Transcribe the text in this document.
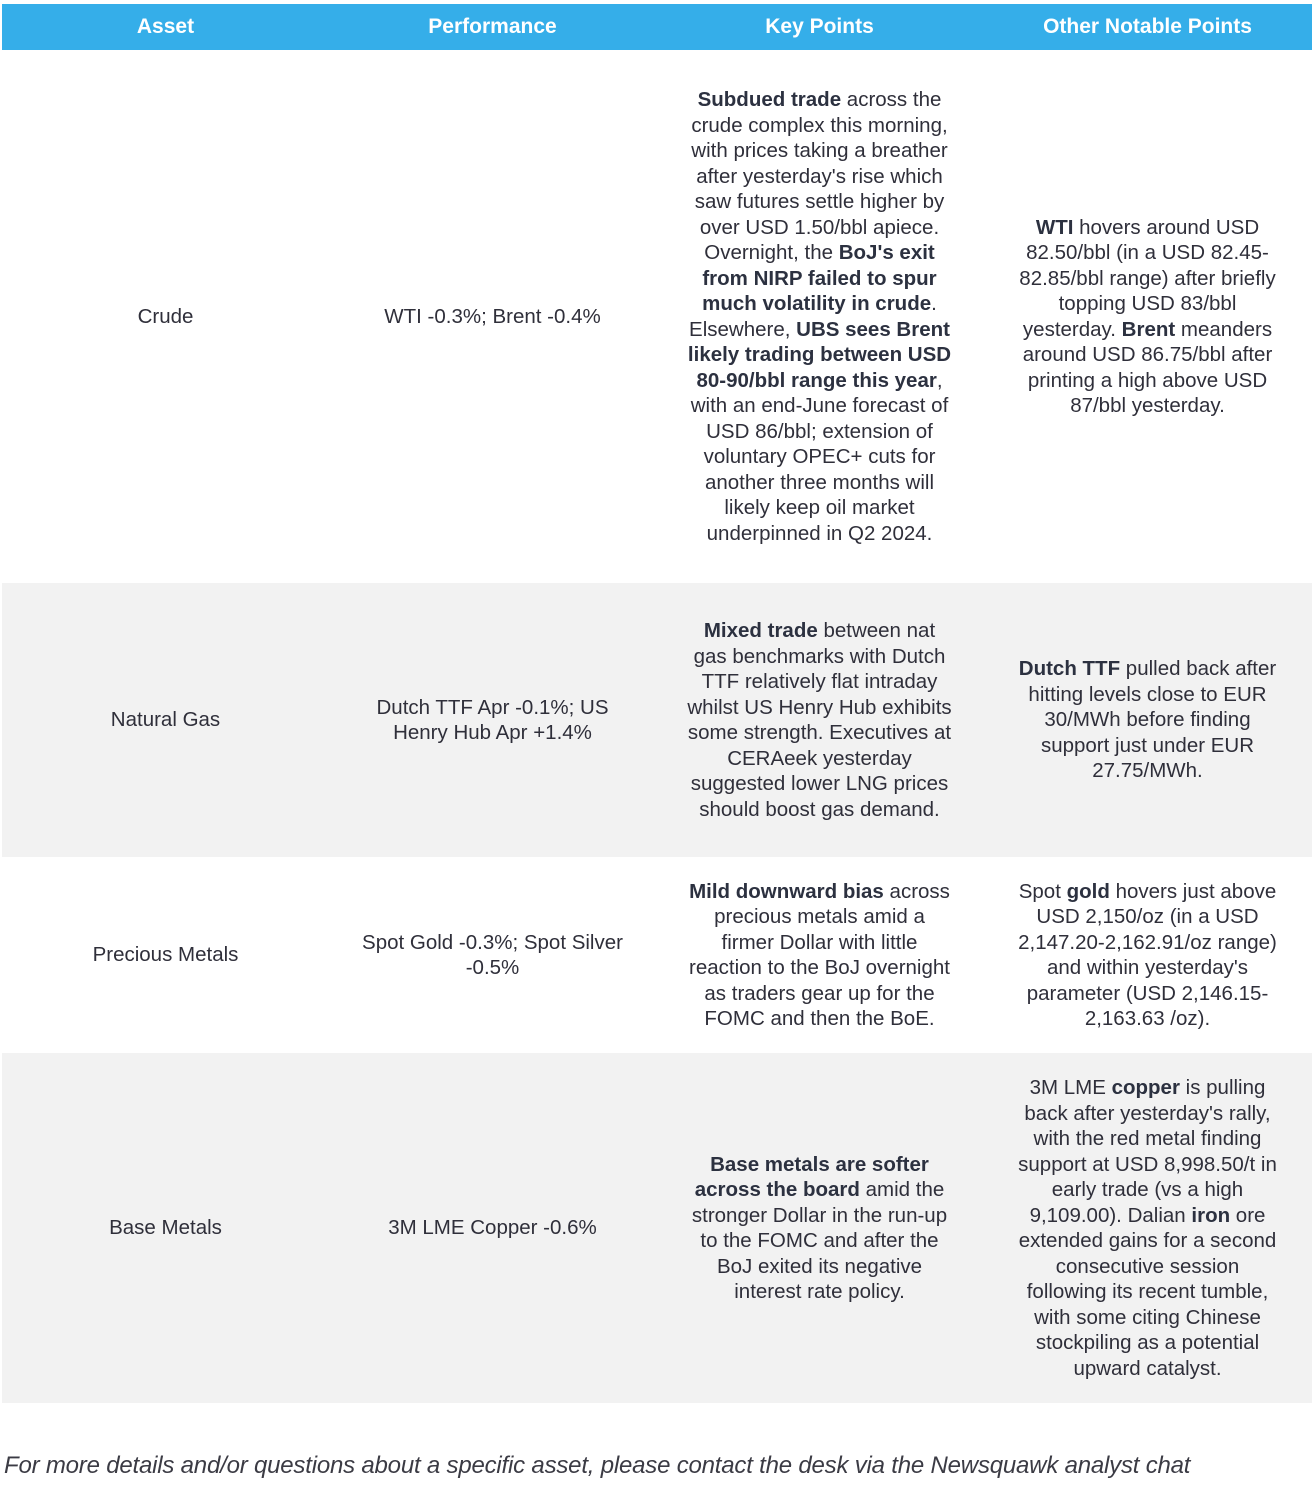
Asset	Performance	Key Points	Other Notable Points

Crude	WTI -0.3%; Brent -0.4%	Subdued trade across the crude complex this morning, with prices taking a breather after yesterday's rise which saw futures settle higher by over USD 1.50/bbl apiece. Overnight, the BoJ's exit from NIRP failed to spur much volatility in crude. Elsewhere, UBS sees Brent likely trading between USD 80-90/bbl range this year, with an end-June forecast of USD 86/bbl; extension of voluntary OPEC+ cuts for another three months will likely keep oil market underpinned in Q2 2024.	WTI hovers around USD 82.50/bbl (in a USD 82.45-82.85/bbl range) after briefly topping USD 83/bbl yesterday. Brent meanders around USD 86.75/bbl after printing a high above USD 87/bbl yesterday.

Natural Gas	Dutch TTF Apr -0.1%; US Henry Hub Apr +1.4%	Mixed trade between nat gas benchmarks with Dutch TTF relatively flat intraday whilst US Henry Hub exhibits some strength. Executives at CERAeek yesterday suggested lower LNG prices should boost gas demand.	Dutch TTF pulled back after hitting levels close to EUR 30/MWh before finding support just under EUR 27.75/MWh.

Precious Metals	Spot Gold -0.3%; Spot Silver -0.5%	Mild downward bias across precious metals amid a firmer Dollar with little reaction to the BoJ overnight as traders gear up for the FOMC and then the BoE.	Spot gold hovers just above USD 2,150/oz (in a USD 2,147.20-2,162.91/oz range) and within yesterday's parameter (USD 2,146.15-2,163.63 /oz).

Base Metals	3M LME Copper -0.6%	Base metals are softer across the board amid the stronger Dollar in the run-up to the FOMC and after the BoJ exited its negative interest rate policy.	3M LME copper is pulling back after yesterday's rally, with the red metal finding support at USD 8,998.50/t in early trade (vs a high 9,109.00). Dalian iron ore extended gains for a second consecutive session following its recent tumble, with some citing Chinese stockpiling as a potential upward catalyst.
For more details and/or questions about a specific asset, please contact the desk via the Newsquawk analyst chat
